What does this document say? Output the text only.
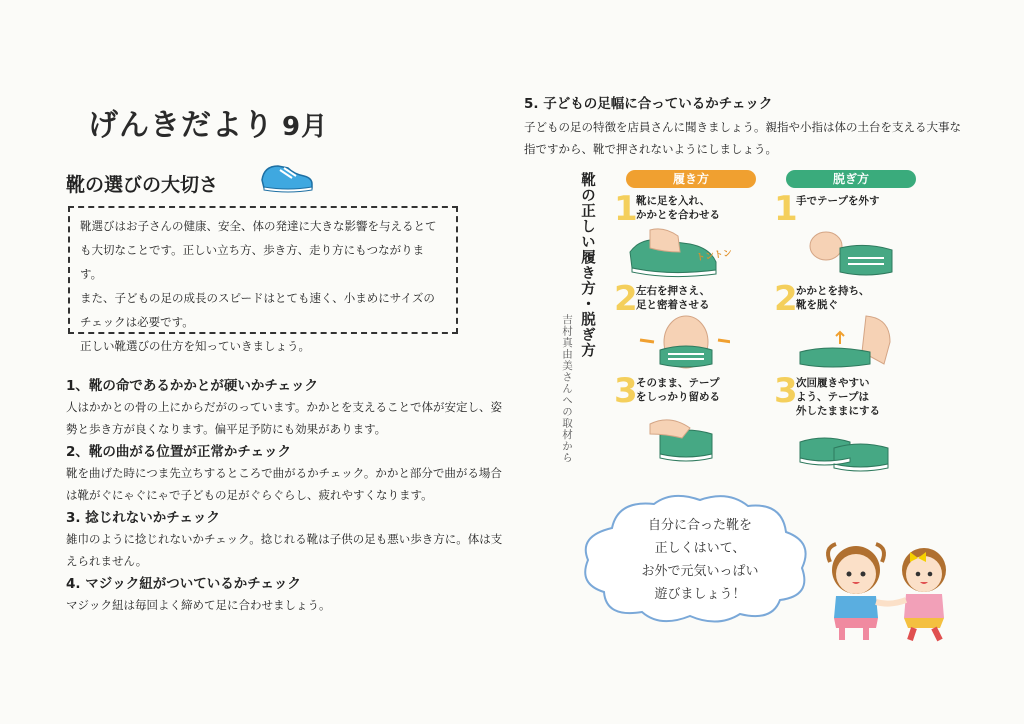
げんきだより 9月
靴の選びの大切さ

靴選びはお子さんの健康、安全、体の発達に大きな影響を与えるとて

も大切なことです。正しい立ち方、歩き方、走り方にもつながります。

また、子どもの足の成長のスピードはとても速く、小まめにサイズの

チェックは必要です。

正しい靴選びの仕方を知っていきましょう。

1、靴の命であるかかとが硬いかチェック

人はかかとの骨の上にからだがのっています。かかとを支えることで体が安定し、姿勢と歩き方が良くなります。偏平足予防にも効果があります。

2、靴の曲がる位置が正常かチェック

靴を曲げた時につま先立ちするところで曲がるかチェック。かかと部分で曲がる場合は靴がぐにゃぐにゃで子どもの足がぐらぐらし、疲れやすくなります。

3. 捻じれないかチェック

雑巾のように捻じれないかチェック。捻じれる靴は子供の足も悪い歩き方に。体は支えられません。

4. マジック紐がついているかチェック

マジック紐は毎回よく締めて足に合わせましょう。

5. 子どもの足幅に合っているかチェック
子どもの足の特徴を店員さんに聞きましょう。親指や小指は体の土台を支える大事な指ですから、靴で押されないようにしましょう。
靴の正しい履き方・脱ぎ方
吉村真由美さんへの取材から
履き方	脱ぎ方
1
靴に足を入れ、
かかとを合わせる
トントン
2
左右を押さえ、
足と密着させる
3
そのまま、テープ
をしっかり留める
1
手でテープを外す
2
かかとを持ち、
靴を脱ぐ
3
次回履きやすい
よう、テープは
外したままにする
自分に合った靴を
正しくはいて、
お外で元気いっぱい
遊びましょう！
